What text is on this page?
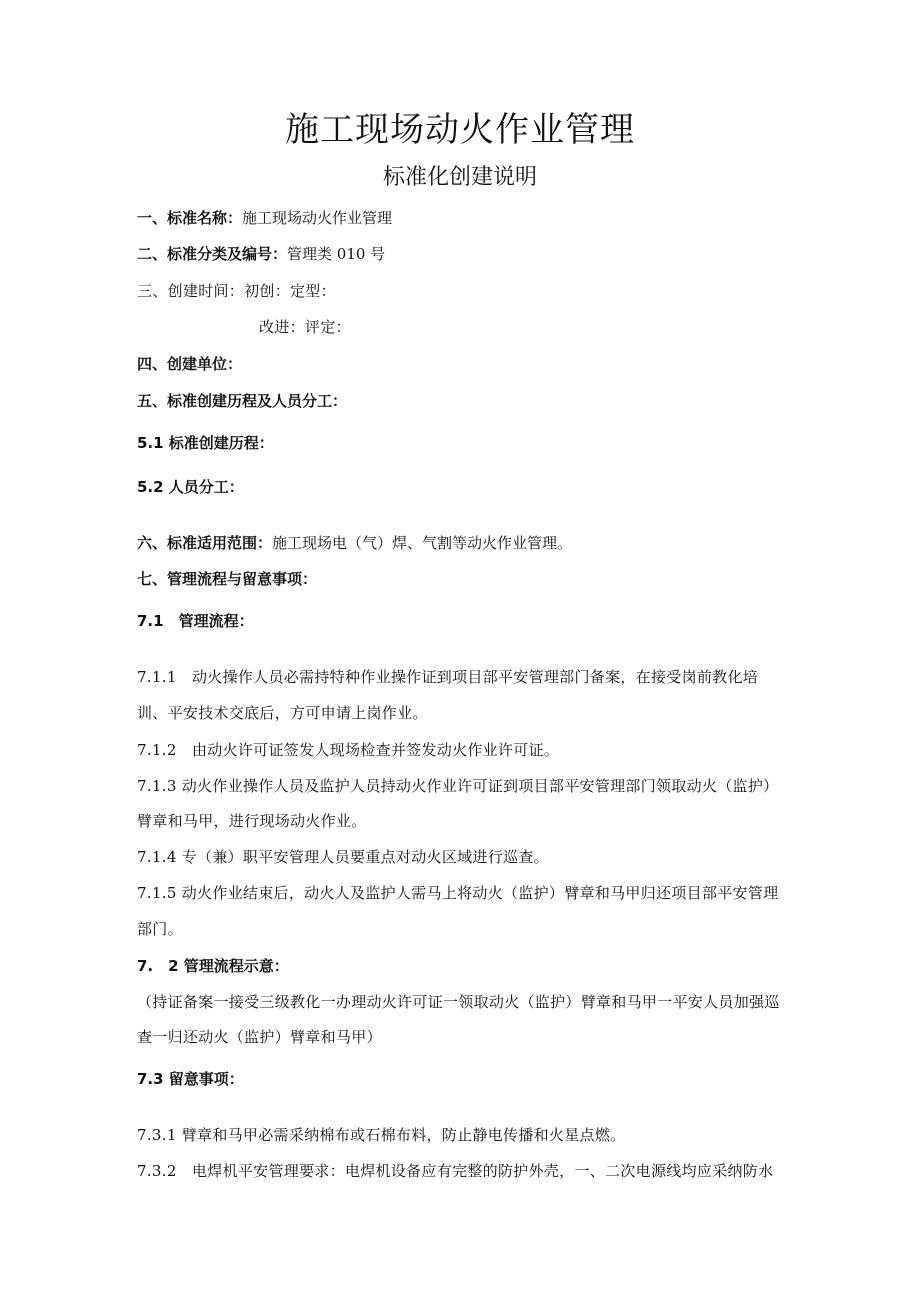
施工现场动火作业管理
标准化创建说明
一、标准名称：施工现场动火作业管理
二、标准分类及编号：管理类 010 号
三、创建时间：初创：定型：
改进：评定：
四、创建单位：
五、标准创建历程及人员分工：
5.1 标准创建历程：
5.2 人员分工：
六、标准适用范围：施工现场电（气）焊、气割等动火作业管理。
七、管理流程与留意事项：
7.1　管理流程：
7.1.1　动火操作人员必需持特种作业操作证到项目部平安管理部门备案，在接受岗前教化培
训、平安技术交底后，方可申请上岗作业。
7.1.2　由动火许可证签发人现场检查并签发动火作业许可证。
7.1.3 动火作业操作人员及监护人员持动火作业许可证到项目部平安管理部门领取动火（监护）
臂章和马甲，进行现场动火作业。
7.1.4 专（兼）职平安管理人员要重点对动火区域进行巡查。
7.1.5 动火作业结束后，动火人及监护人需马上将动火（监护）臂章和马甲归还项目部平安管理
部门。
7.　2 管理流程示意：
（持证备案一接受三级教化一办理动火许可证一领取动火（监护）臂章和马甲一平安人员加强巡
查一归还动火（监护）臂章和马甲）
7.3 留意事项：
7.3.1 臂章和马甲必需采纳棉布或石棉布料，防止静电传播和火星点燃。
7.3.2　电焊机平安管理要求：电焊机设备应有完整的防护外壳，一、二次电源线均应采纳防水
